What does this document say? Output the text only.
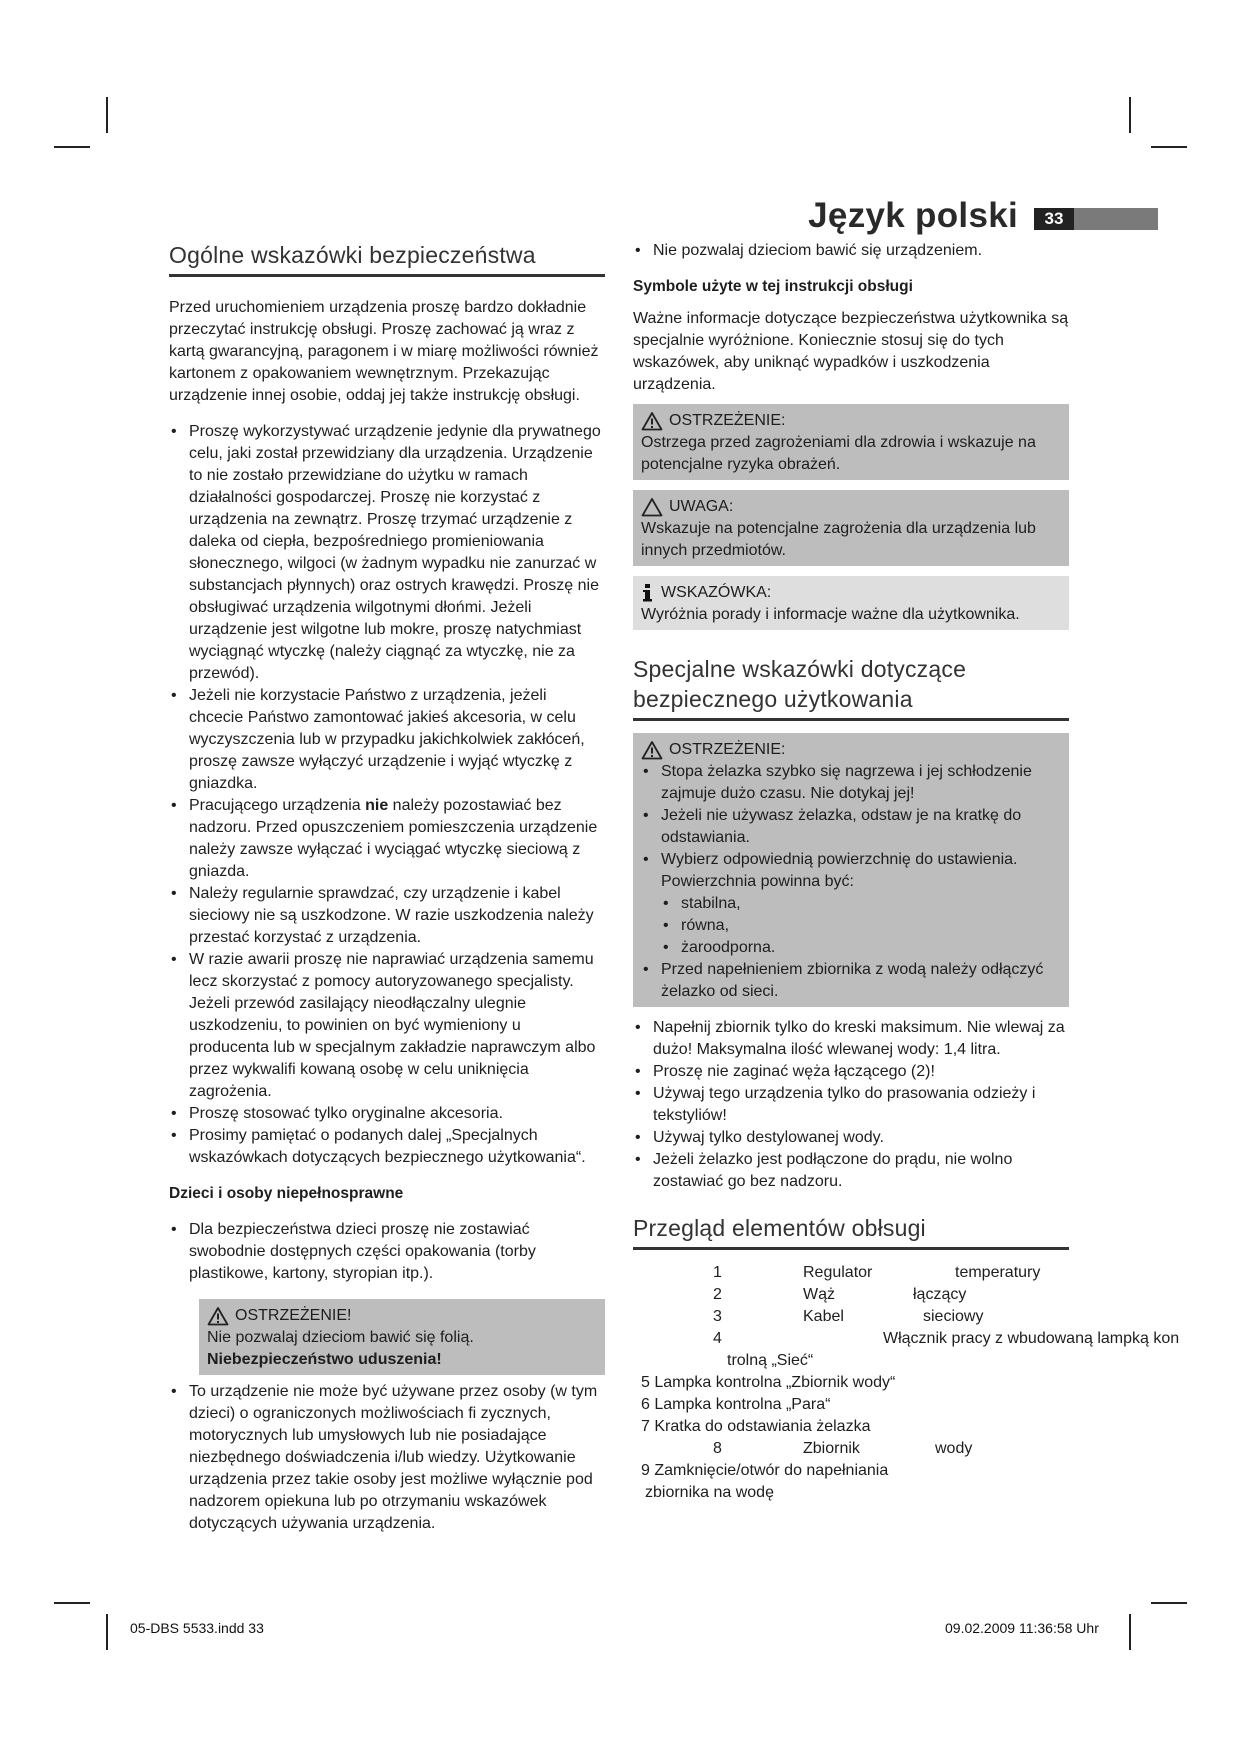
Język polski	33
Ogólne wskazówki bezpieczeństwa

Przed uruchomieniem urządzenia proszę bardzo dokładnie przeczytać instrukcję obsługi. Proszę zachować ją wraz z kartą gwarancyjną, paragonem i w miarę możliwości również kartonem z opakowaniem wewnętrznym. Przekazując urządzenie innej osobie, oddaj jej także instrukcję obsługi.

• Proszę wykorzystywać urządzenie jedynie dla prywatnego celu, jaki został przewidziany dla urządzenia. Urządzenie to nie zostało przewidziane do użytku w ramach działalności gospodarczej. Proszę nie korzystać z urządzenia na zewnątrz. Proszę trzymać urządzenie z daleka od ciepła, bezpośredniego promieniowania słonecznego, wilgoci (w żadnym wypadku nie zanurzać w substancjach płynnych) oraz ostrych krawędzi. Proszę nie obsługiwać urządzenia wilgotnymi dłońmi. Jeżeli urządzenie jest wilgotne lub mokre, proszę natychmiast wyciągnąć wtyczkę (należy ciągnąć za wtyczkę, nie za przewód).
• Jeżeli nie korzystacie Państwo z urządzenia, jeżeli chcecie Państwo zamontować jakieś akcesoria, w celu wyczyszczenia lub w przypadku jakichkolwiek zakłóceń, proszę zawsze wyłączyć urządzenie i wyjąć wtyczkę z gniazdka.
• Pracującego urządzenia nie należy pozostawiać bez nadzoru. Przed opuszczeniem pomieszczenia urządzenie należy zawsze wyłączać i wyciągać wtyczkę sieciową z gniazda.
• Należy regularnie sprawdzać, czy urządzenie i kabel sieciowy nie są uszkodzone. W razie uszkodzenia należy przestać korzystać z urządzenia.
• W razie awarii proszę nie naprawiać urządzenia samemu lecz skorzystać z pomocy autoryzowanego specjalisty. Jeżeli przewód zasilający nieodłączalny ulegnie uszkodzeniu, to powinien on być wymieniony u producenta lub w specjalnym zakładzie naprawczym albo przez wykwalifi kowaną osobę w celu uniknięcia zagrożenia.
• Proszę stosować tylko oryginalne akcesoria.
• Prosimy pamiętać o podanych dalej „Specjalnych wskazówkach dotyczących bezpiecznego użytkowania“.

Dzieci i osoby niepełnosprawne

• Dla bezpieczeństwa dzieci proszę nie zostawiać swobodnie dostępnych części opakowania (torby plastikowe, kartony, styropian itp.).
OSTRZEŻENIE!

Nie pozwalaj dzieciom bawić się folią.

Niebezpieczeństwo uduszenia!

• To urządzenie nie może być używane przez osoby (w tym dzieci) o ograniczonych możliwościach fi zycznych, motorycznych lub umysłowych lub nie posiadające niezbędnego doświadczenia i/lub wiedzy. Użytkowanie urządzenia przez takie osoby jest możliwe wyłącznie pod nadzorem opiekuna lub po otrzymaniu wskazówek dotyczących używania urządzenia.
• Nie pozwalaj dzieciom bawić się urządzeniem.

Symbole użyte w tej instrukcji obsługi

Ważne informacje dotyczące bezpieczeństwa użytkownika są specjalnie wyróżnione. Koniecznie stosuj się do tych wskazówek, aby uniknąć wypadków i uszkodzenia urządzenia.

OSTRZEŻENIE:

Ostrzega przed zagrożeniami dla zdrowia i wskazuje na potencjalne ryzyka obrażeń.

UWAGA:

Wskazuje na potencjalne zagrożenia dla urządzenia lub innych przedmiotów.

WSKAZÓWKA:

Wyróżnia porady i informacje ważne dla użytkownika.

Specjalne wskazówki dotyczące
bezpiecznego użytkowania
OSTRZEŻENIE:
• Stopa żelazka szybko się nagrzewa i jej schłodzenie zajmuje dużo czasu. Nie dotykaj jej!
• Jeżeli nie używasz żelazka, odstaw je na kratkę do odstawiania.
• Wybierz odpowiednią powierzchnię do ustawienia. Powierzchnia powinna być:
• stabilna,
• równa,
• żaroodporna.
• Przed napełnieniem zbiornika z wodą należy odłączyć żelazko od sieci.
• Napełnij zbiornik tylko do kreski maksimum. Nie wlewaj za dużo! Maksymalna ilość wlewanej wody: 1,4 litra.
• Proszę nie zaginać węża łączącego (2)!
• Używaj tego urządzenia tylko do prasowania odzieży i tekstyliów!
• Używaj tylko destylowanej wody.
• Jeżeli żelazko jest podłączone do prądu, nie wolno zostawiać go bez nadzoru.
Przegląd elementów obłsugi
1	Regulator	temperatury
2	Wąż	łączący
3	Kabel	sieciowy
4	Włącznik pracy z wbudowaną lampką kon
trolną „Sieć“
5 Lampka kontrolna „Zbiornik wody“
6 Lampka kontrolna „Para“
7 Kratka do odstawiania żelazka
8	Zbiornik	wody
9 Zamknięcie/otwór do napełniania
zbiornika na wodę
05-DBS 5533.indd 33	09.02.2009 11:36:58 Uhr
